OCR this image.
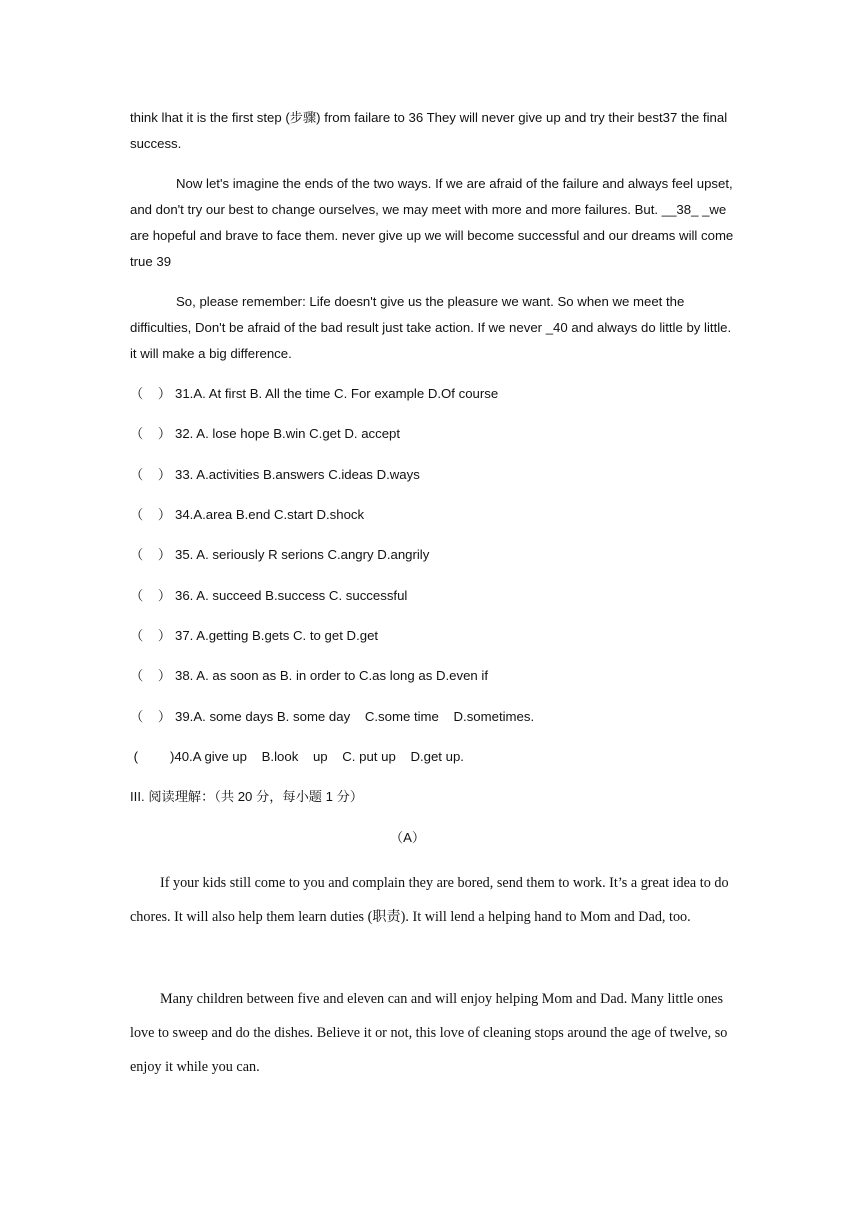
think lhat it is the first step (步骤) from failare to 36 They will never give up and try their best37 the final success.

Now let's imagine the ends of the two ways. If we are afraid of the failure and always feel upset, and don't try our best to change ourselves, we may meet with more and more failures. But. __38_ _we are hopeful and brave to face them. never give up we will become successful and our dreams will come true 39

So, please remember: Life doesn't give us the pleasure we want. So when we meet the difficulties, Don't be afraid of the bad result just take action. If we never _40 and always do little by little. it will make a big difference.

（    ） 31.A. At first B. All the time C. For example D.Of course
（    ） 32. A. lose hope B.win C.get D. accept
（    ） 33. A.activities B.answers C.ideas D.ways
（    ） 34.A.area B.end C.start D.shock
（    ） 35. A. seriously R serions C.angry D.angrily
（    ） 36. A. succeed B.success C. successful
（    ） 37. A.getting B.gets C. to get D.get
（    ） 38. A. as soon as B. in order to C.as long as D.even if
（    ） 39.A. some days B. some day    C.some time    D.sometimes.
(      )40.A give up    B.look    up    C. put up    D.get up.
III. 阅读理解：（共 20 分，每小题 1 分）
（A）

If your kids still come to you and complain they are bored, send them to work. It’s a great idea to do chores. It will also help them learn duties (职责). It will lend a helping hand to Mom and Dad, too.

Many children between five and eleven can and will enjoy helping Mom and Dad. Many little ones love to sweep and do the dishes. Believe it or not, this love of cleaning stops around the age of twelve, so enjoy it while you can.
